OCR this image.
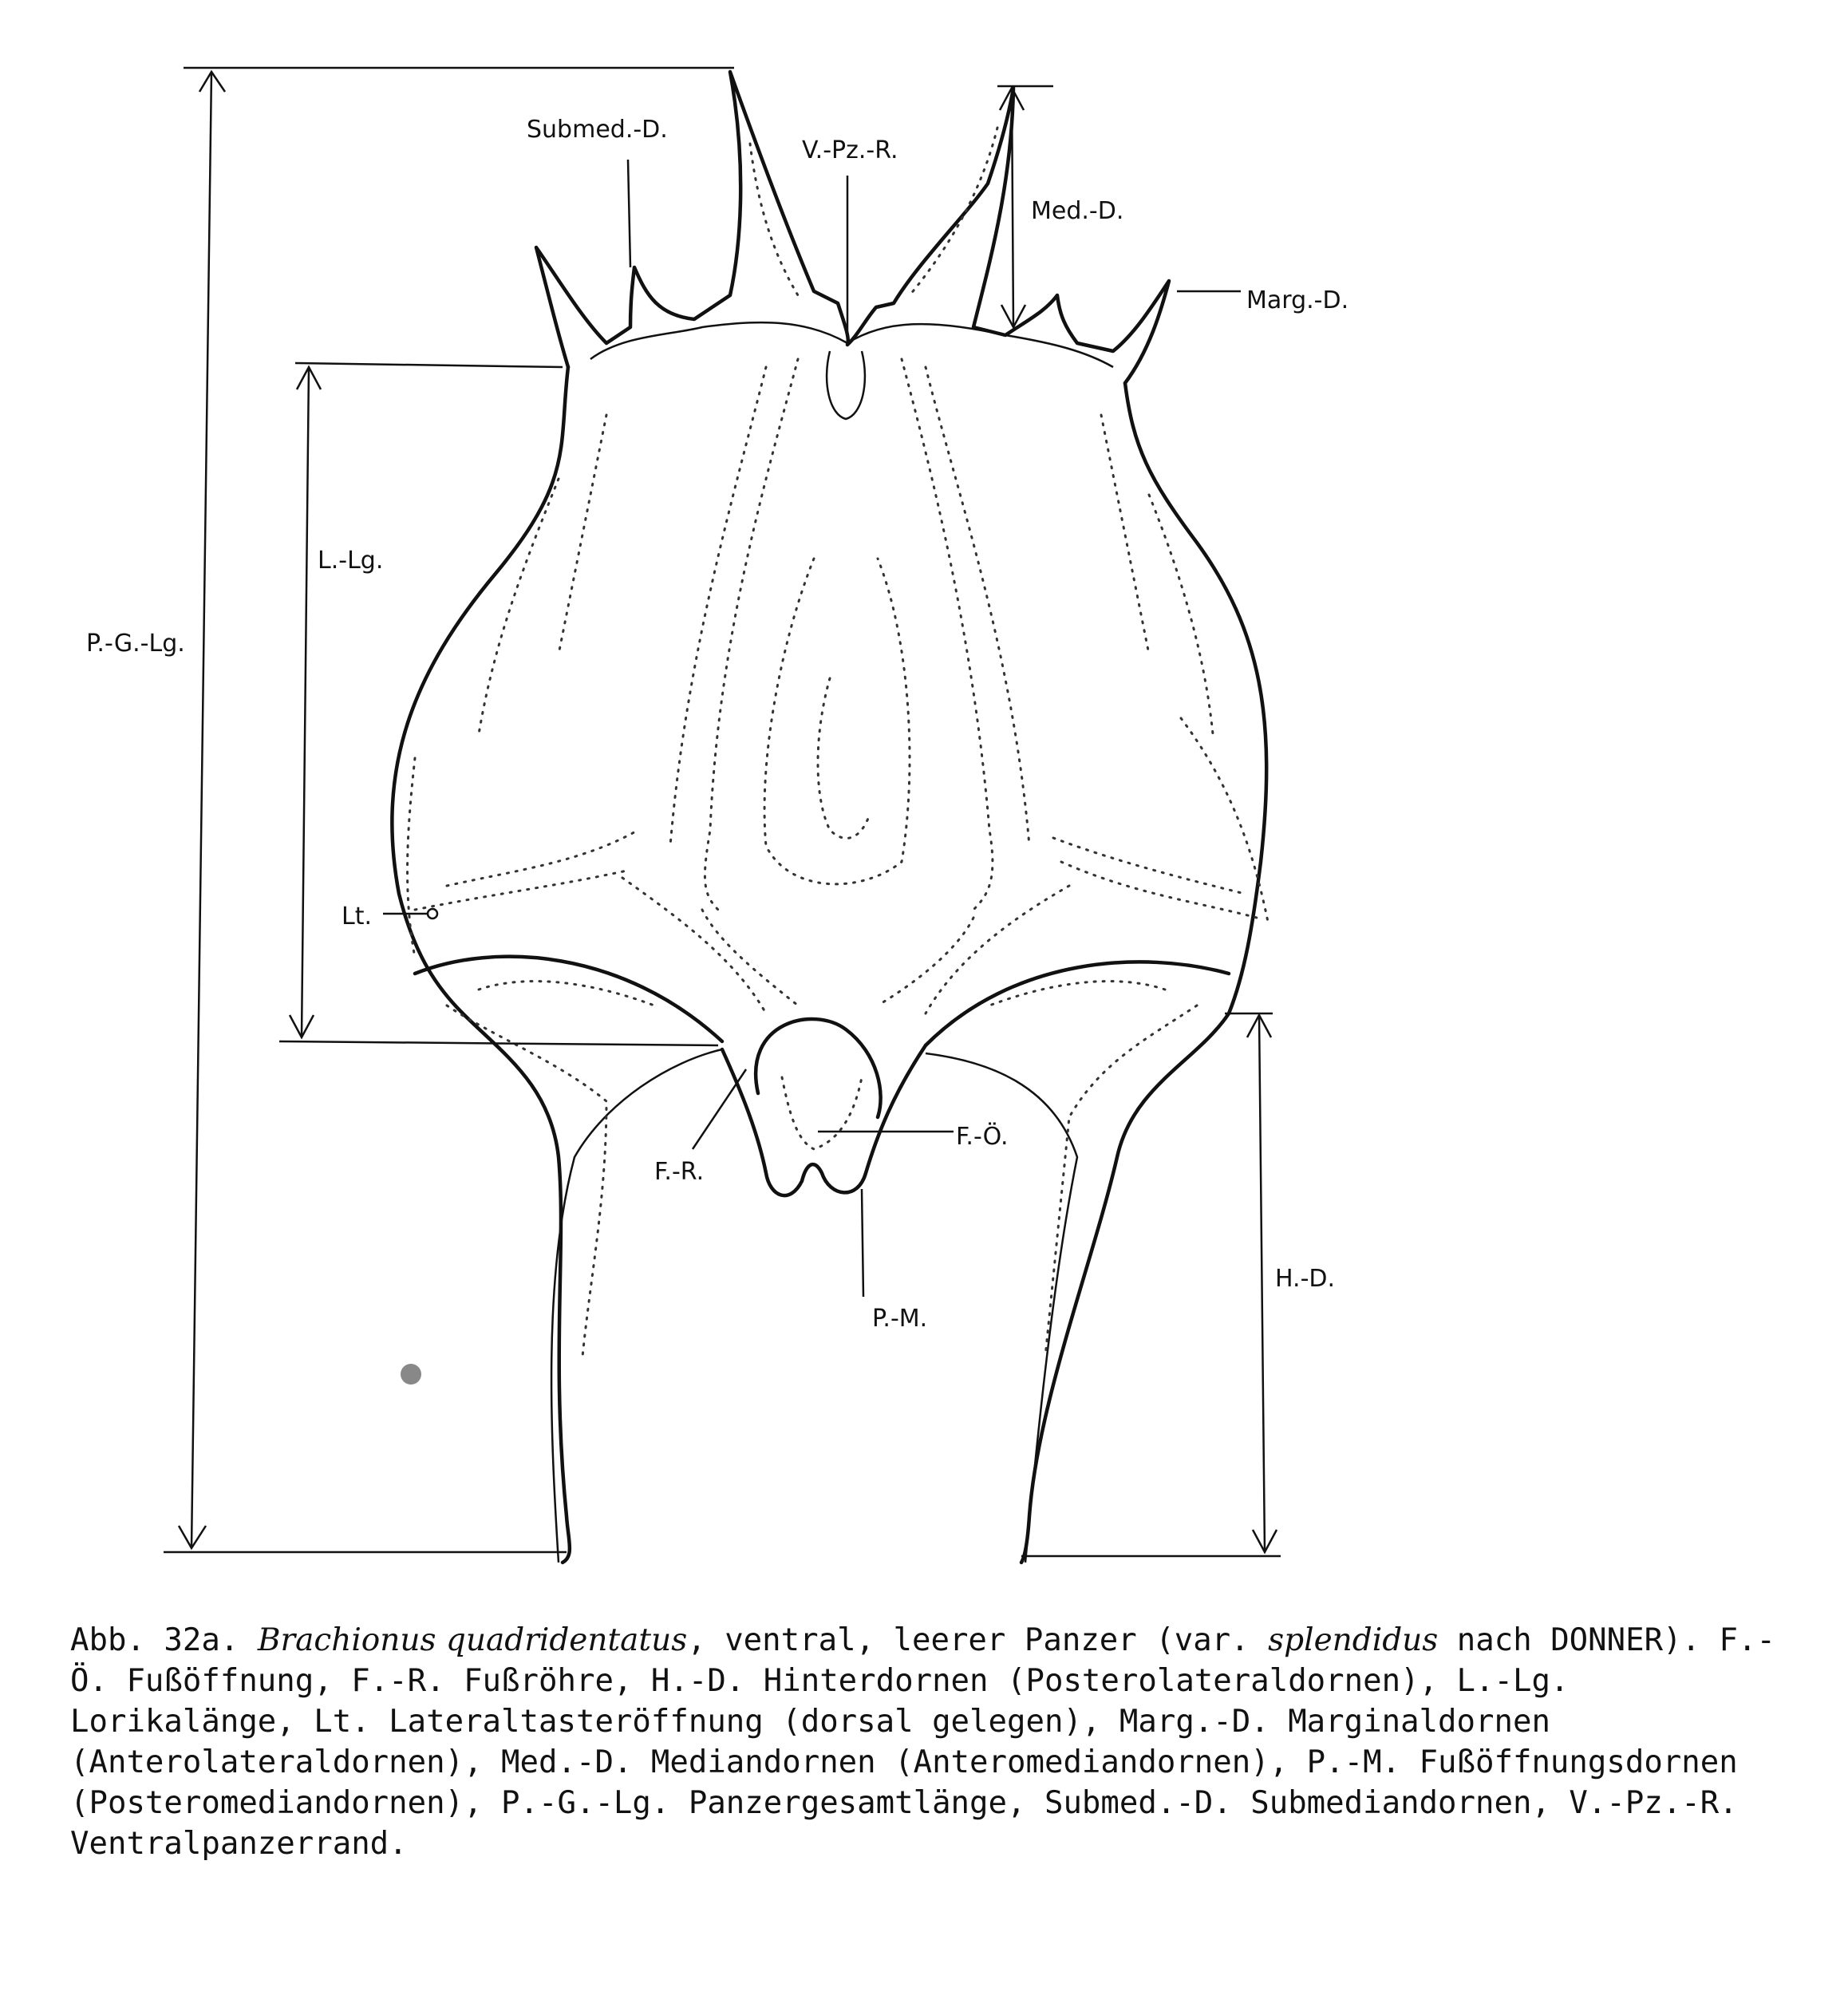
Submed.-D.
V.-Pz.-R.
Med.-D.
Marg.-D.
L.-Lg.
P.-G.-Lg.
Lt.
F.-Ö.
F.-R.
H.-D.
P.-M.

Abb. 32a. Brachionus quadridentatus, ventral, leerer Panzer (var. splendidus nach DONNER). F.-Ö. Fußöffnung, F.-R. Fußröhre, H.-D. Hinterdornen (Posterolateraldornen), L.-Lg. Lorikalänge, Lt. Lateraltasteröffnung (dorsal gelegen), Marg.-D. Marginaldornen (Anterolateraldornen), Med.-D. Mediandornen (Anteromediandornen), P.-M. Fußöffnungsdornen (Posteromediandornen), P.-G.-Lg. Panzergesamtlänge, Submed.-D. Submediandornen, V.-Pz.-R. Ventralpanzerrand.
